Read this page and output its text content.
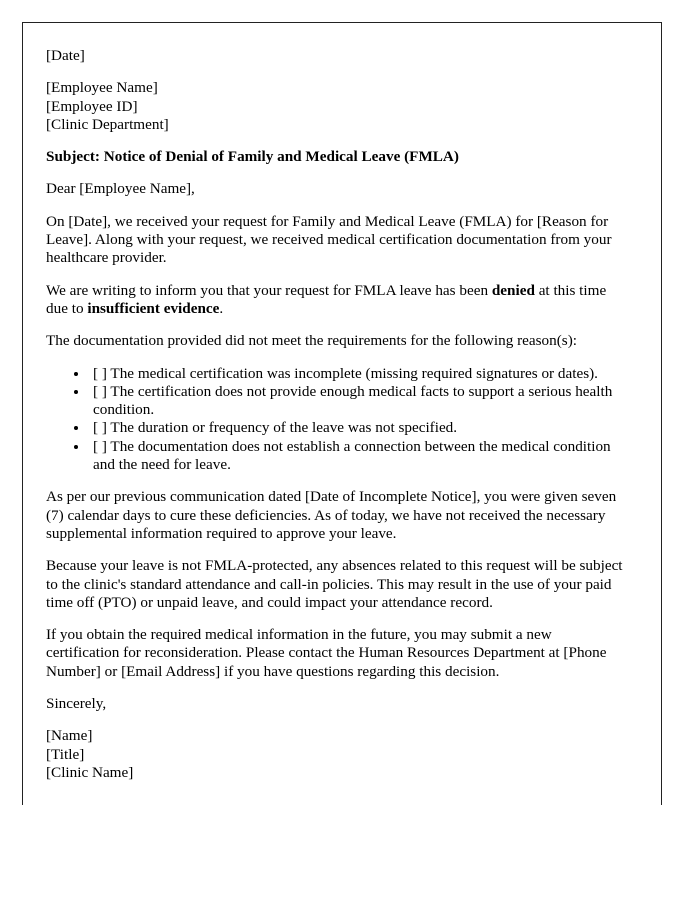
[Date]

[Employee Name]
[Employee ID]
[Clinic Department]

Subject: Notice of Denial of Family and Medical Leave (FMLA)

Dear [Employee Name],

On [Date], we received your request for Family and Medical Leave (FMLA) for [Reason for Leave]. Along with your request, we received medical certification documentation from your healthcare provider.

We are writing to inform you that your request for FMLA leave has been denied at this time due to insufficient evidence.

The documentation provided did not meet the requirements for the following reason(s):

• [ ] The medical certification was incomplete (missing required signatures or dates).
• [ ] The certification does not provide enough medical facts to support a serious health condition.
• [ ] The duration or frequency of the leave was not specified.
• [ ] The documentation does not establish a connection between the medical condition and the need for leave.

As per our previous communication dated [Date of Incomplete Notice], you were given seven (7) calendar days to cure these deficiencies. As of today, we have not received the necessary supplemental information required to approve your leave.

Because your leave is not FMLA-protected, any absences related to this request will be subject to the clinic's standard attendance and call-in policies. This may result in the use of your paid time off (PTO) or unpaid leave, and could impact your attendance record.

If you obtain the required medical information in the future, you may submit a new certification for reconsideration. Please contact the Human Resources Department at [Phone Number] or [Email Address] if you have questions regarding this decision.

Sincerely,

[Name]
[Title]
[Clinic Name]
